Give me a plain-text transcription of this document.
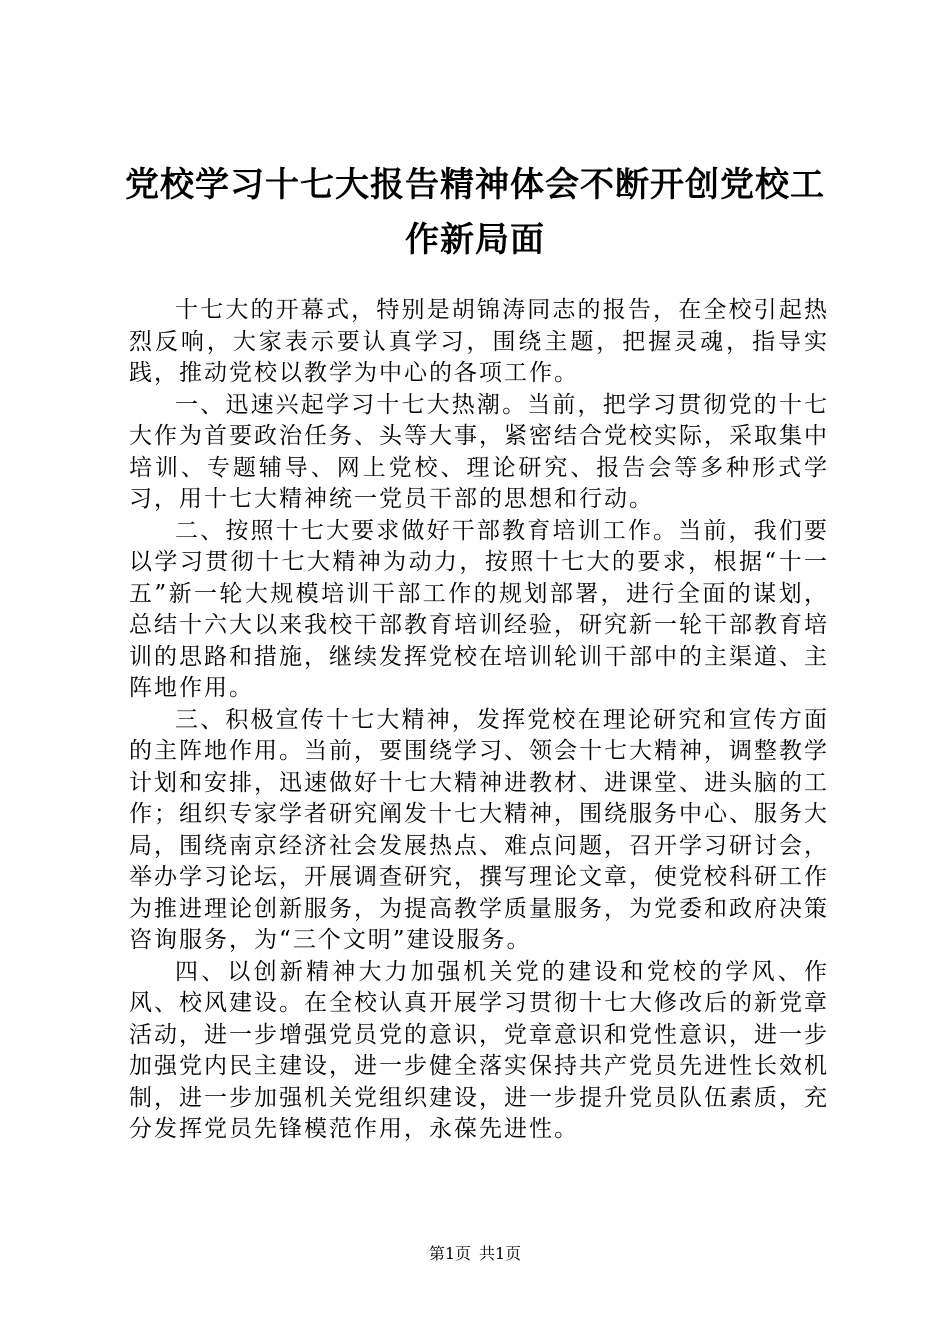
党校学习十七大报告精神体会不断开创党校工作新局面

十七大的开幕式，特别是胡锦涛同志的报告，在全校引起热烈反响，大家表示要认真学习，围绕主题，把握灵魂，指导实践，推动党校以教学为中心的各项工作。

一、迅速兴起学习十七大热潮。当前，把学习贯彻党的十七大作为首要政治任务、头等大事，紧密结合党校实际，采取集中培训、专题辅导、网上党校、理论研究、报告会等多种形式学习，用十七大精神统一党员干部的思想和行动。

二、按照十七大要求做好干部教育培训工作。当前，我们要以学习贯彻十七大精神为动力，按照十七大的要求，根据“十一五”新一轮大规模培训干部工作的规划部署，进行全面的谋划，总结十六大以来我校干部教育培训经验，研究新一轮干部教育培训的思路和措施，继续发挥党校在培训轮训干部中的主渠道、主阵地作用。

三、积极宣传十七大精神，发挥党校在理论研究和宣传方面的主阵地作用。当前，要围绕学习、领会十七大精神，调整教学计划和安排，迅速做好十七大精神进教材、进课堂、进头脑的工作；组织专家学者研究阐发十七大精神，围绕服务中心、服务大局，围绕南京经济社会发展热点、难点问题，召开学习研讨会，举办学习论坛，开展调查研究，撰写理论文章，使党校科研工作为推进理论创新服务，为提高教学质量服务，为党委和政府决策咨询服务，为“三个文明”建设服务。

四、以创新精神大力加强机关党的建设和党校的学风、作风、校风建设。在全校认真开展学习贯彻十七大修改后的新党章活动，进一步增强党员党的意识，党章意识和党性意识，进一步加强党内民主建设，进一步健全落实保持共产党员先进性长效机制，进一步加强机关党组织建设，进一步提升党员队伍素质，充分发挥党员先锋模范作用，永葆先进性。

第1页 共1页
